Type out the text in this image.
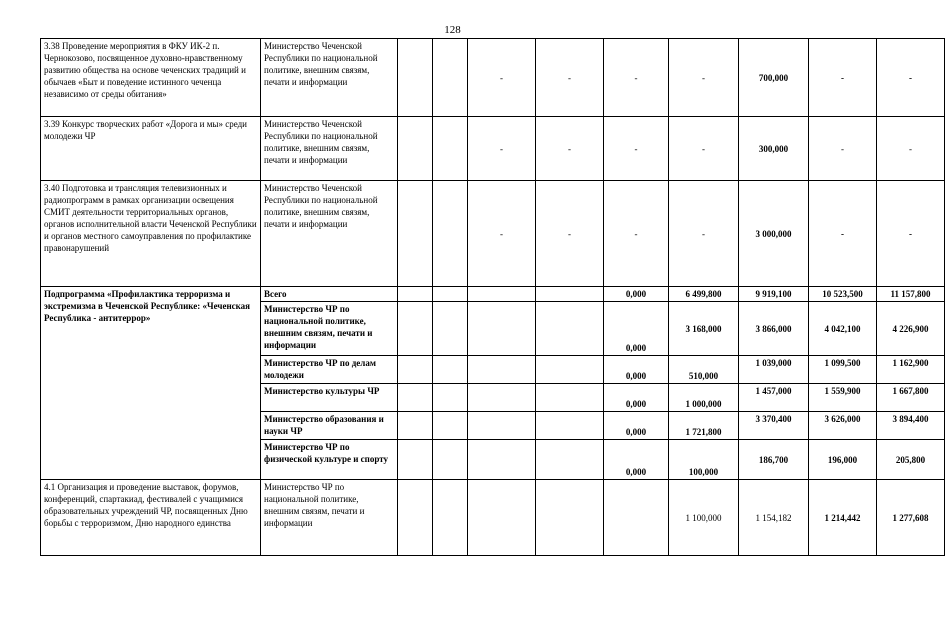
128
3.38 Проведение мероприятия в ФКУ ИК-2 п. Чернокозово, посвященное духовно-нравственному развитию общества на основе чеченских традиций и обычаев «Быт и поведение истинного чеченца независимо от среды обитания»	Министерство Чеченской Республики по национальной политике, внешним связям, печати и информации			-	-	-	-	700,000	-	-
3.39 Конкурс творческих работ «Дорога и мы» среди молодежи ЧР	Министерство Чеченской Республики по национальной политике, внешним связям, печати и информации			-	-	-	-	300,000	-	-
3.40 Подготовка и трансляция телевизионных и радиопрограмм в рамках организации освещения СМИТ деятельности территориальных органов, органов исполнительной власти Чеченской Республики и органов местного самоуправления по профилактике правонарушений	Министерство Чеченской Республики по национальной политике, внешним связям, печати и информации			-	-	-	-	3 000,000	-	-
Подпрограмма «Профилактика терроризма и экстремизма в Чеченской Республике: «Чеченская Республика - антитеррор»	Всего					0,000	6 499,800	9 919,100	10 523,500	11 157,800
	Министерство ЧР по национальной политике, внешним связям, печати и информации					0,000	3 168,000	3 866,000	4 042,100	4 226,900
	Министерство ЧР по делам молодежи					0,000	510,000	1 039,000	1 099,500	1 162,900
	Министерство культуры ЧР					0,000	1 000,000	1 457,000	1 559,900	1 667,800
	Министерство образования и науки ЧР					0,000	1 721,800	3 370,400	3 626,000	3 894,400
	Министерство ЧР по физической культуре и спорту					0,000	100,000	186,700	196,000	205,800
4.1 Организация и проведение выставок, форумов, конференций, спартакиад, фестивалей с учащимися образовательных учреждений ЧР, посвященных Дню борьбы с терроризмом, Дню народного единства	Министерство ЧР по национальной политике, внешним связям, печати и информации						1 100,000	1 154,182	1 214,442	1 277,608
